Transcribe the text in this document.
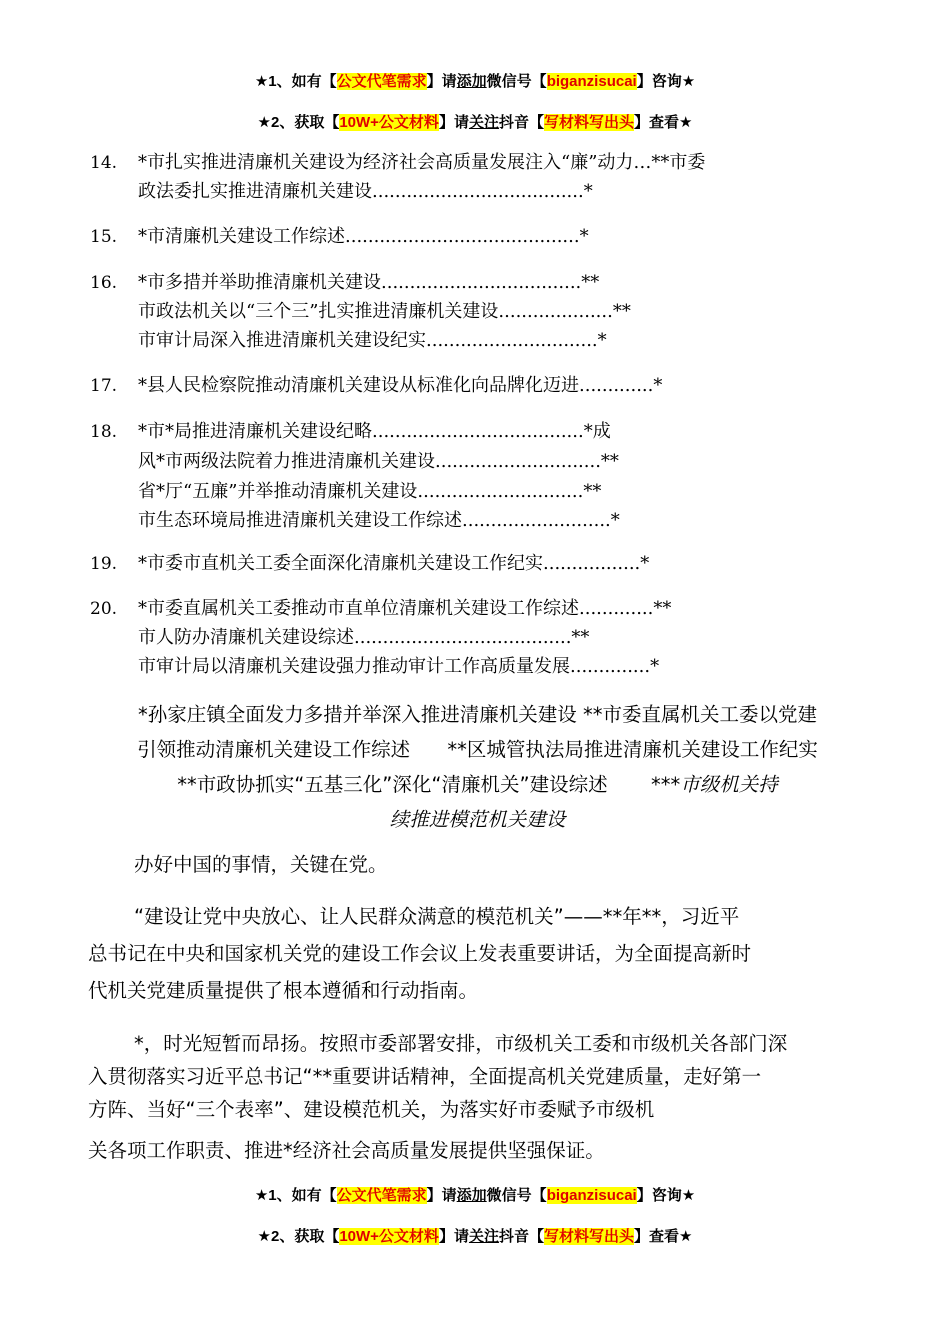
★1、如有【公文代笔需求】请添加微信号【biganzisucai】咨询★
★2、获取【10W+公文材料】请关注抖音【写材料写出头】查看★
14.	*市扎实推进清廉机关建设为经济社会高质量发展注入“廉”动力…**市委
政法委扎实推进清廉机关建设.....................................*
15.	*市清廉机关建设工作综述.........................................*
16.	*市多措并举助推清廉机关建设...................................**
市政法机关以“三个三”扎实推进清廉机关建设....................**
市审计局深入推进清廉机关建设纪实..............................*
17.	*县人民检察院推动清廉机关建设从标准化向品牌化迈进.............*
18.	*市*局推进清廉机关建设纪略.....................................*成
风*市两级法院着力推进清廉机关建设.............................**
省*厅“五廉”并举推动清廉机关建设.............................**
市生态环境局推进清廉机关建设工作综述..........................*
19.	*市委市直机关工委全面深化清廉机关建设工作纪实.................*
20.	*市委直属机关工委推动市直单位清廉机关建设工作综述.............**
市人防办清廉机关建设综述......................................**
市审计局以清廉机关建设强力推动审计工作高质量发展..............*
*孙家庄镇全面发力多措并举深入推进清廉机关建设 **市委直属机关工委以党建
引领推动清廉机关建设工作综述      **区城管执法局推进清廉机关建设工作纪实
**市政协抓实“五基三化”深化“清廉机关”建设综述       ***市级机关持
续推进模范机关建设
办好中国的事情，关键在党。
“建设让党中央放心、让人民群众满意的模范机关”——**年**，习近平
总书记在中央和国家机关党的建设工作会议上发表重要讲话，为全面提高新时
代机关党建质量提供了根本遵循和行动指南。
*，时光短暂而昂扬。按照市委部署安排，市级机关工委和市级机关各部门深
入贯彻落实习近平总书记“**重要讲话精神，全面提高机关党建质量，走好第一
方阵、当好“三个表率”、建设模范机关，为落实好市委赋予市级机
关各项工作职责、推进*经济社会高质量发展提供坚强保证。
★1、如有【公文代笔需求】请添加微信号【biganzisucai】咨询★
★2、获取【10W+公文材料】请关注抖音【写材料写出头】查看★
